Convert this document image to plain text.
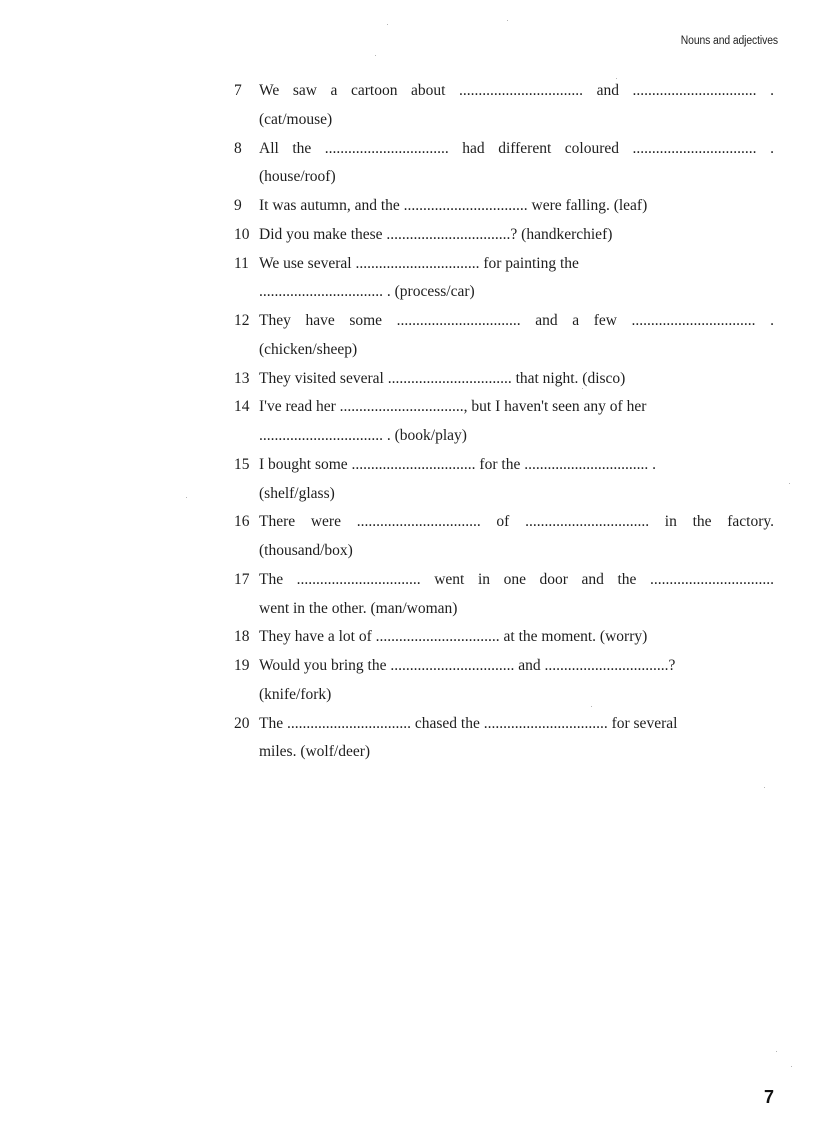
Nouns and adjectives
7	We saw a cartoon about ................................ and ................................ .
(cat/mouse)
8	All the ................................ had different coloured ................................ .
(house/roof)
9	It was autumn, and the ................................ were falling. (leaf)
10 Did you make these ................................? (handkerchief)
11 We use several ................................ for painting the
................................ . (process/car)
12 They have some ................................ and a few ................................ .
(chicken/sheep)
13 They visited several ................................ that night. (disco)
14 I've read her ................................, but I haven't seen any of her
................................ . (book/play)
15 I bought some ................................ for the ................................ .
(shelf/glass)
16 There were ................................ of ................................ in the factory.
(thousand/box)
17 The ................................ went in one door and the ................................
went in the other. (man/woman)
18 They have a lot of ................................ at the moment. (worry)
19 Would you bring the ................................ and ................................?
(knife/fork)
20 The ................................ chased the ................................ for several
miles. (wolf/deer)
7
